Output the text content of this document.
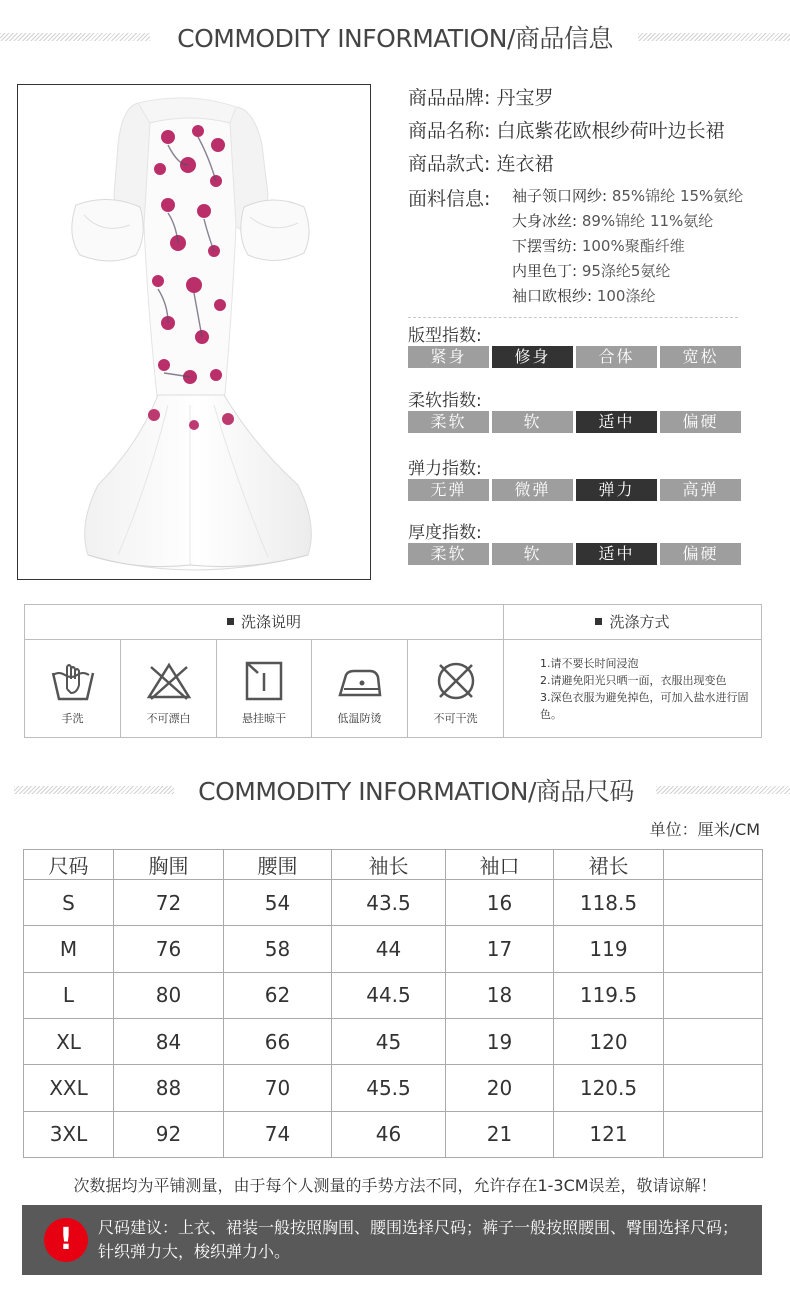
COMMODITY INFORMATION/商品信息
商品品牌: 丹宝罗
商品名称: 白底紫花欧根纱荷叶边长裙
商品款式: 连衣裙
面料信息: 袖子领口网纱: 85%锦纶 15%氨纶
大身冰丝: 89%锦纶 11%氨纶
下摆雪纺: 100%聚酯纤维
内里色丁: 95涤纶5氨纶
袖口欧根纱: 100涤纶
版型指数:
紧身	修身	合体	宽松
柔软指数:
柔软	软	适中	偏硬
弹力指数:
无弹	微弹	弹力	高弹
厚度指数:
柔软	软	适中	偏硬
洗涤说明	洗涤方式
手洗	不可漂白	悬挂晾干	低温防烫	不可干洗
1.请不要长时间浸泡
2.请避免阳光只晒一面，衣服出现变色
3.深色衣服为避免掉色，可加入盐水进行固色。
COMMODITY INFORMATION/商品尺码
单位：厘米/CM
尺码	胸围	腰围	袖长	袖口	裙长	
S	72	54	43.5	16	118.5	
M	76	58	44	17	119	
L	80	62	44.5	18	119.5	
XL	84	66	45	19	120	
XXL	88	70	45.5	20	120.5	
3XL	92	74	46	21	121	
次数据均为平铺测量，由于每个人测量的手势方法不同，允许存在1-3CM误差，敬请谅解！
!	尺码建议：上衣、裙装一般按照胸围、腰围选择尺码；裤子一般按照腰围、臀围选择尺码；针织弹力大，梭织弹力小。
